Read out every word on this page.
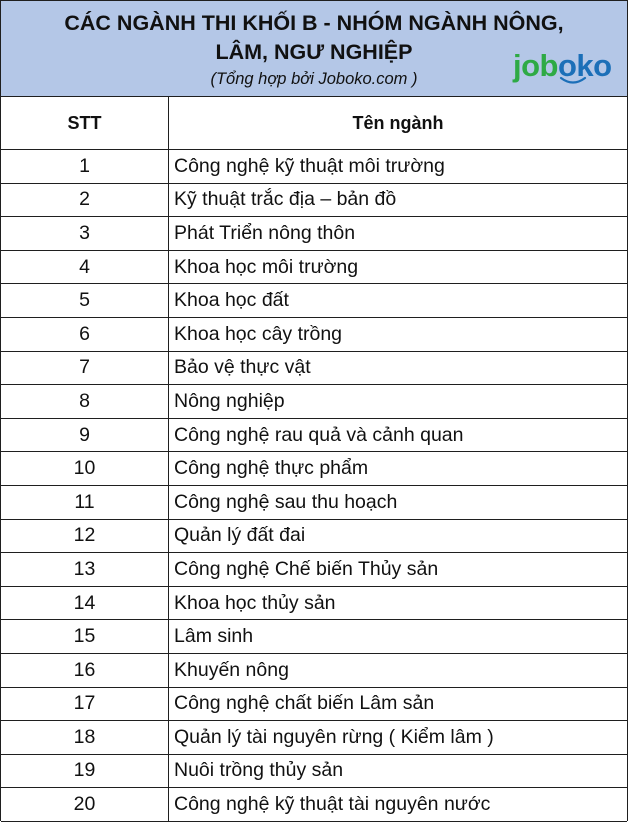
CÁC NGÀNH THI KHỐI B - NHÓM NGÀNH NÔNG,
LÂM, NGƯ NGHIỆP
(Tổng hợp bởi Joboko.com )	joboko
STT	Tên ngành
1	Công nghệ kỹ thuật môi trường
2	Kỹ thuật trắc địa – bản đồ
3	Phát Triển nông thôn
4	Khoa học môi trường
5	Khoa học đất
6	Khoa học cây trồng
7	Bảo vệ thực vật
8	Nông nghiệp
9	Công nghệ rau quả và cảnh quan
10	Công nghệ thực phẩm
11	Công nghệ sau thu hoạch
12	Quản lý đất đai
13	Công nghệ Chế biến Thủy sản
14	Khoa học thủy sản
15	Lâm sinh
16	Khuyến nông
17	Công nghệ chất biến Lâm sản
18	Quản lý tài nguyên rừng ( Kiểm lâm )
19	Nuôi trồng thủy sản
20	Công nghệ kỹ thuật tài nguyên nước
